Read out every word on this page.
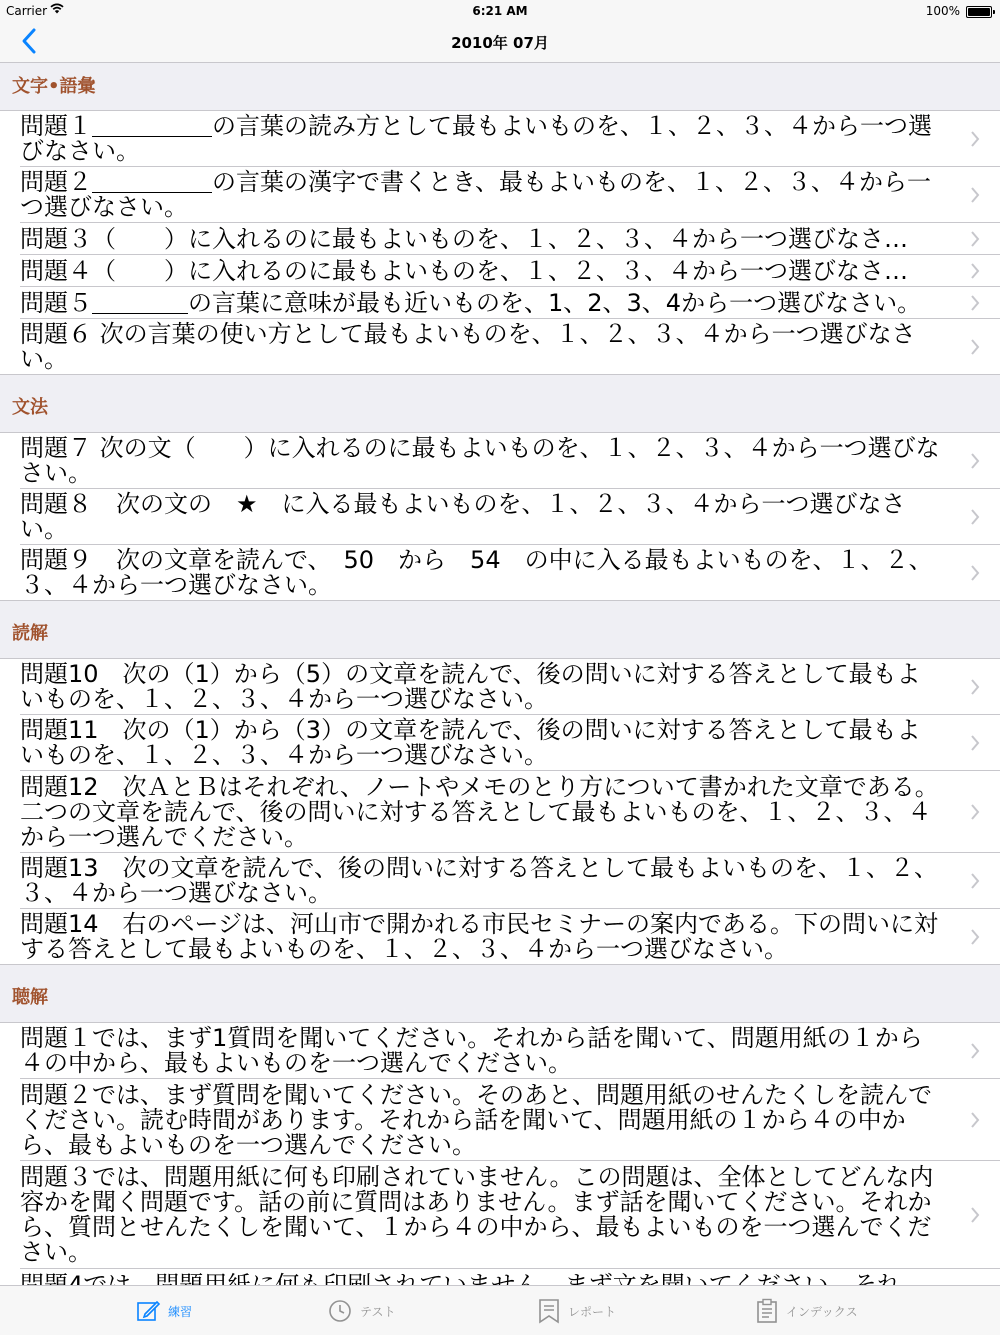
Carrier	6:21 AM	100%
2010年 07月
文字•語彙
問題１＿＿＿＿＿の言葉の読み方として最もよいものを、１、２、３、４から一つ選びなさい。
問題２＿＿＿＿＿の言葉の漢字で書くとき、最もよいものを、１、２、３、４から一つ選びなさい。
問題３（　　）に入れるのに最もよいものを、１、２、３、４から一つ選びなさ…
問題４（　　）に入れるのに最もよいものを、１、２、３、４から一つ選びなさ…
問題５＿＿＿＿の言葉に意味が最も近いものを、1、2、3、4から一つ選びなさい。
問題６ 次の言葉の使い方として最もよいものを、１、２、３、４から一つ選びなさい。
文法
問題７ 次の文（　　）に入れるのに最もよいものを、１、２、３、４から一つ選びなさい。
問題８　次の文の　★　に入る最もよいものを、１、２、３、４から一つ選びなさい。
問題９　次の文章を読んで、　50　から　54　の中に入る最もよいものを、１、２、３、４から一つ選びなさい。
読解
問題10　次の（1）から（5）の文章を読んで、後の問いに対する答えとして最もよいものを、１、２、３、４から一つ選びなさい。
問題11　次の（1）から（3）の文章を読んで、後の問いに対する答えとして最もよいものを、１、２、３、４から一つ選びなさい。
問題12　次ＡとＢはそれぞれ、ノートやメモのとり方について書かれた文章である。二つの文章を読んで、後の問いに対する答えとして最もよいものを、１、２、３、４から一つ選んでください。
問題13　次の文章を読んで、後の問いに対する答えとして最もよいものを、１、２、３、４から一つ選びなさい。
問題14　右のページは、河山市で開かれる市民セミナーの案内である。下の問いに対する答えとして最もよいものを、１、２、３、４から一つ選びなさい。
聴解
問題１では、まず1質問を聞いてください。それから話を聞いて、問題用紙の１から４の中から、最もよいものを一つ選んでください。
問題２では、まず質問を聞いてください。そのあと、問題用紙のせんたくしを読んでください。読む時間があります。それから話を聞いて、問題用紙の１から４の中から、最もよいものを一つ選んでください。
問題３では、問題用紙に何も印刷されていません。この問題は、全体としてどんな内容かを聞く問題です。話の前に質問はありません。まず話を聞いてください。それから、質問とせんたくしを聞いて、１から４の中から、最もよいものを一つ選んでください。
練習	テスト	レポート	インデックス
